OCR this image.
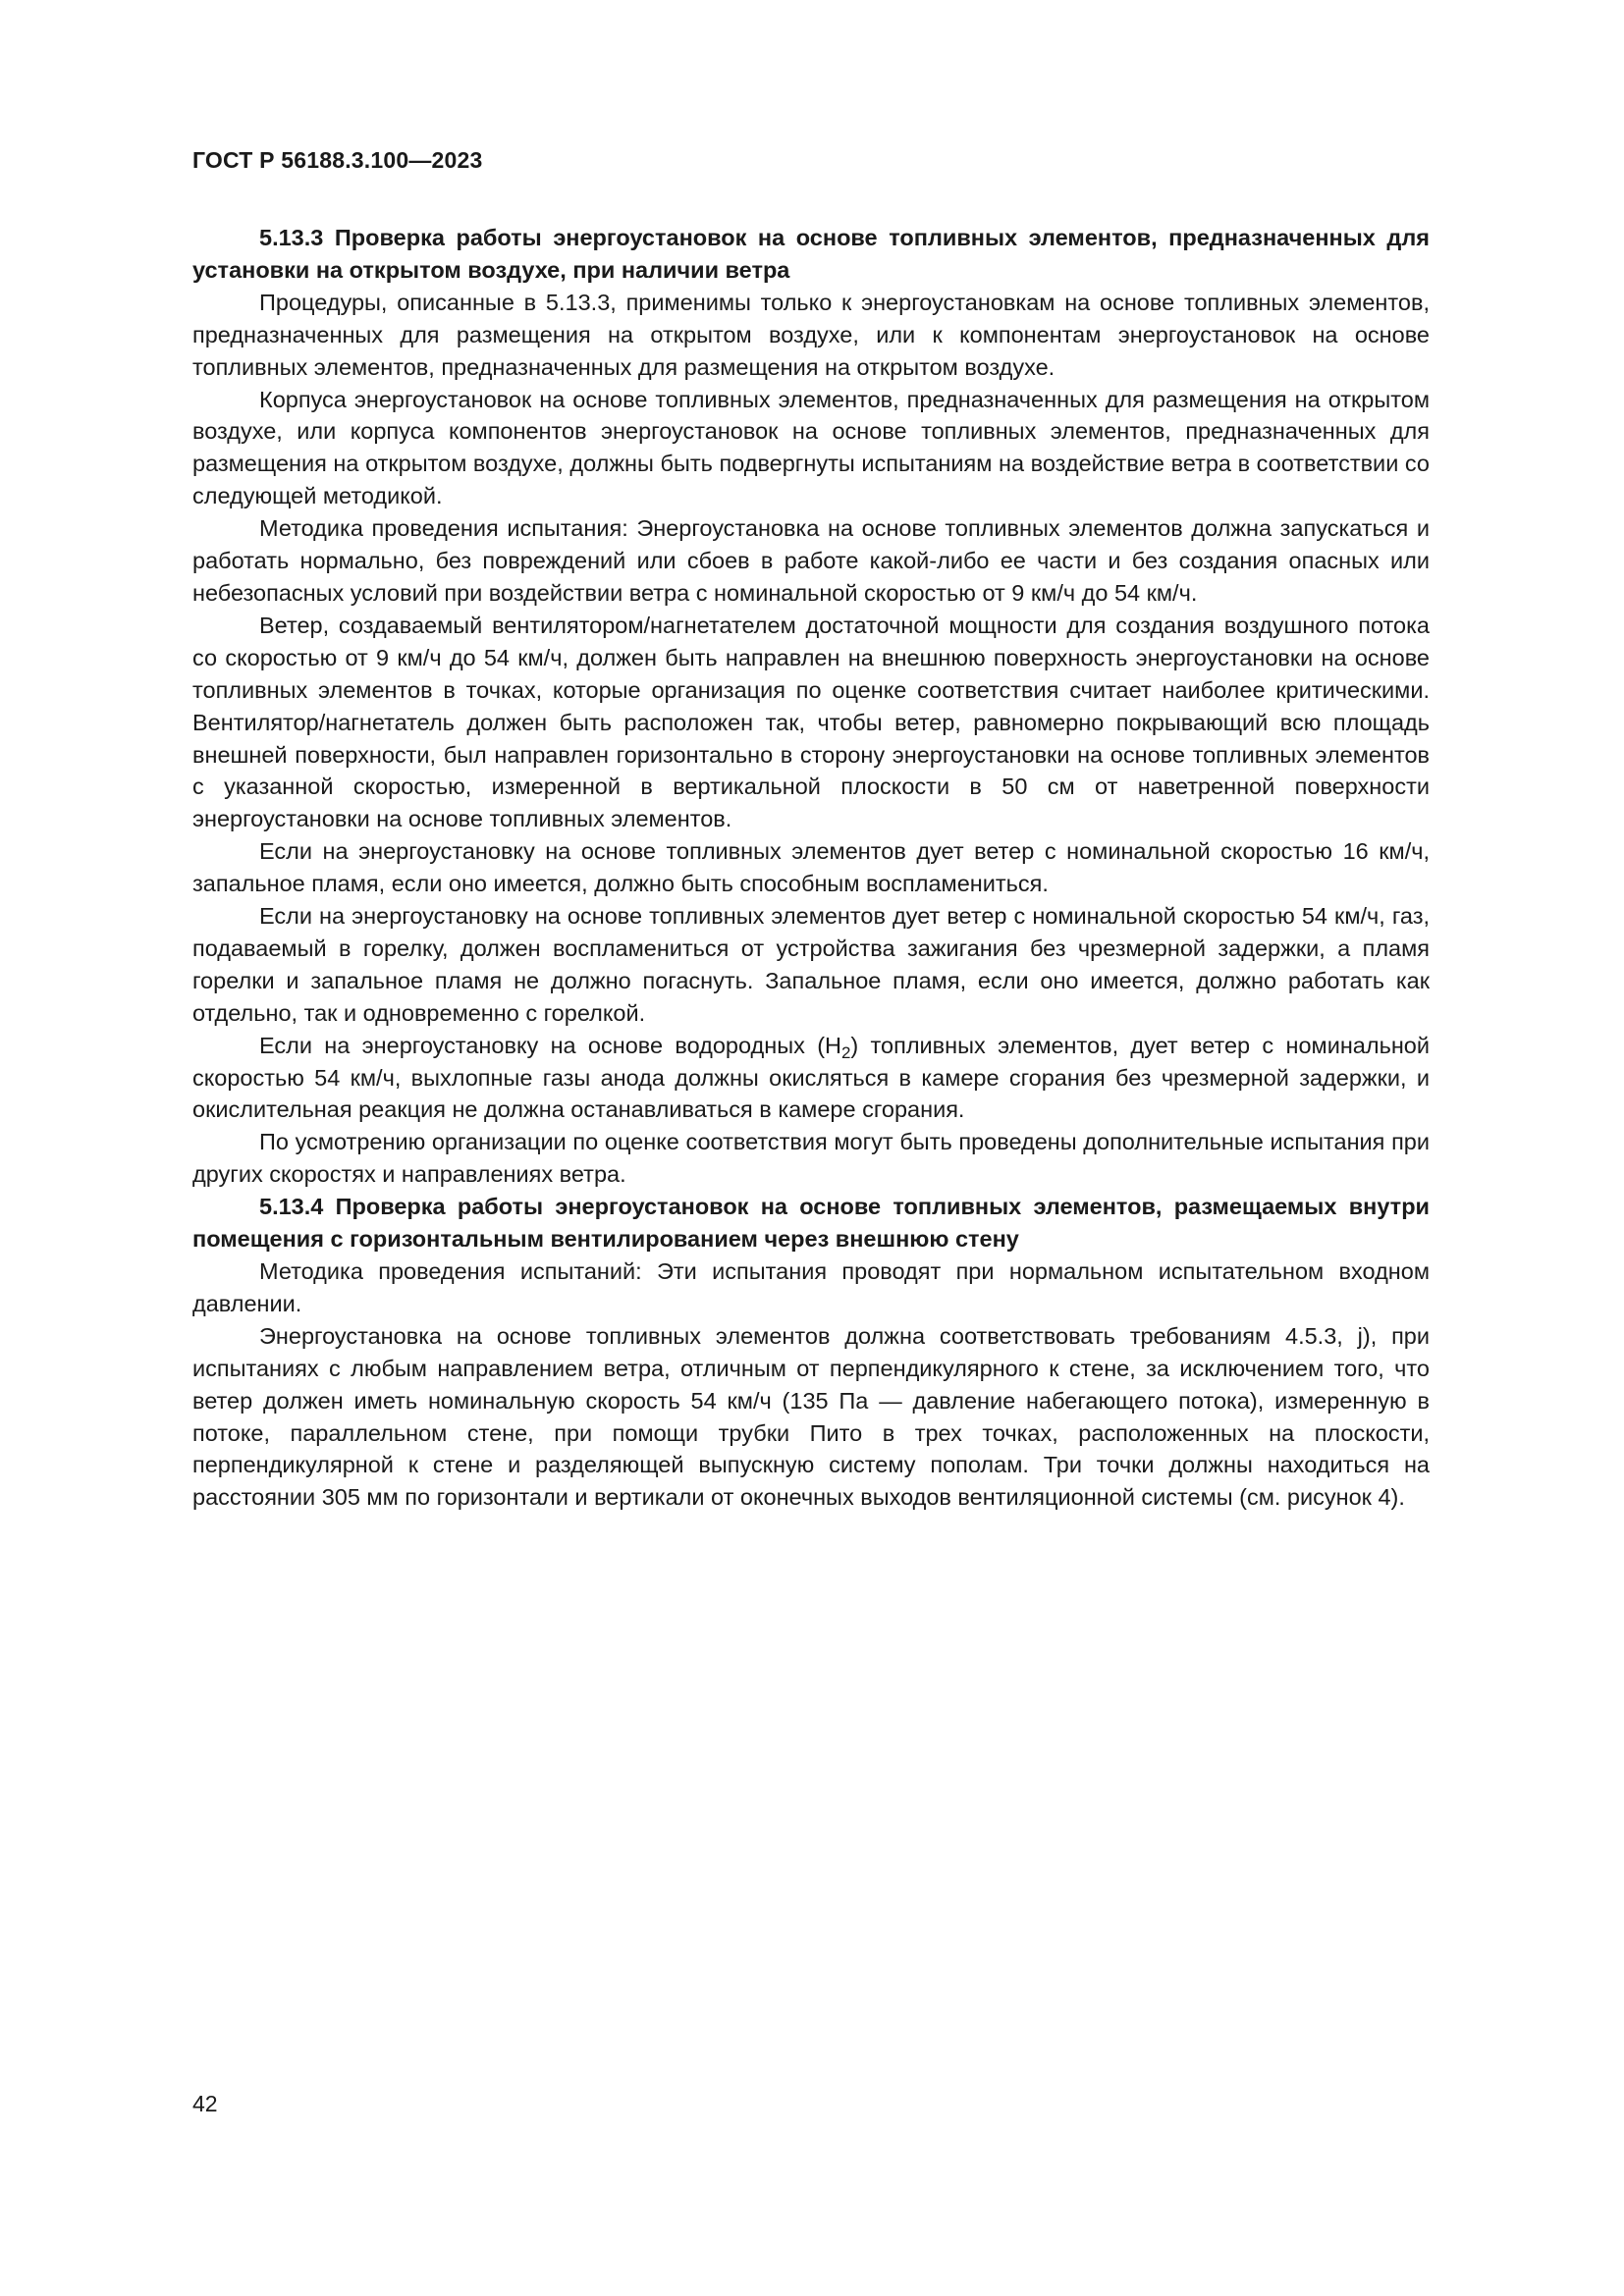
ГОСТ Р 56188.3.100—2023

5.13.3 Проверка работы энергоустановок на основе топливных элементов, предназначенных для установки на открытом воздухе, при наличии ветра

Процедуры, описанные в 5.13.3, применимы только к энергоустановкам на основе топливных элементов, предназначенных для размещения на открытом воздухе, или к компонентам энергоустановок на основе топливных элементов, предназначенных для размещения на открытом воздухе.

Корпуса энергоустановок на основе топливных элементов, предназначенных для размещения на открытом воздухе, или корпуса компонентов энергоустановок на основе топливных элементов, предназначенных для размещения на открытом воздухе, должны быть подвергнуты испытаниям на воздействие ветра в соответствии со следующей методикой.

Методика проведения испытания: Энергоустановка на основе топливных элементов должна запускаться и работать нормально, без повреждений или сбоев в работе какой-либо ее части и без создания опасных или небезопасных условий при воздействии ветра с номинальной скоростью от 9 км/ч до 54 км/ч.

Ветер, создаваемый вентилятором/нагнетателем достаточной мощности для создания воздушного потока со скоростью от 9 км/ч до 54 км/ч, должен быть направлен на внешнюю поверхность энергоустановки на основе топливных элементов в точках, которые организация по оценке соответствия считает наиболее критическими. Вентилятор/нагнетатель должен быть расположен так, чтобы ветер, равномерно покрывающий всю площадь внешней поверхности, был направлен горизонтально в сторону энергоустановки на основе топливных элементов с указанной скоростью, измеренной в вертикальной плоскости в 50 см от наветренной поверхности энергоустановки на основе топливных элементов.

Если на энергоустановку на основе топливных элементов дует ветер с номинальной скоростью 16 км/ч, запальное пламя, если оно имеется, должно быть способным воспламениться.

Если на энергоустановку на основе топливных элементов дует ветер с номинальной скоростью 54 км/ч, газ, подаваемый в горелку, должен воспламениться от устройства зажигания без чрезмерной задержки, а пламя горелки и запальное пламя не должно погаснуть. Запальное пламя, если оно имеется, должно работать как отдельно, так и одновременно с горелкой.

Если на энергоустановку на основе водородных $(H_2)$ топливных элементов, дует ветер с номинальной скоростью 54 км/ч, выхлопные газы анода должны окисляться в камере сгорания без чрезмерной задержки, и окислительная реакция не должна останавливаться в камере сгорания.

По усмотрению организации по оценке соответствия могут быть проведены дополнительные испытания при других скоростях и направлениях ветра.

5.13.4 Проверка работы энергоустановок на основе топливных элементов, размещаемых внутри помещения с горизонтальным вентилированием через внешнюю стену

Методика проведения испытаний: Эти испытания проводят при нормальном испытательном входном давлении.

Энергоустановка на основе топливных элементов должна соответствовать требованиям 4.5.3, j), при испытаниях с любым направлением ветра, отличным от перпендикулярного к стене, за исключением того, что ветер должен иметь номинальную скорость 54 км/ч (135 Па — давление набегающего потока), измеренную в потоке, параллельном стене, при помощи трубки Пито в трех точках, расположенных на плоскости, перпендикулярной к стене и разделяющей выпускную систему пополам. Три точки должны находиться на расстоянии 305 мм по горизонтали и вертикали от оконечных выходов вентиляционной системы (см. рисунок 4).

42
